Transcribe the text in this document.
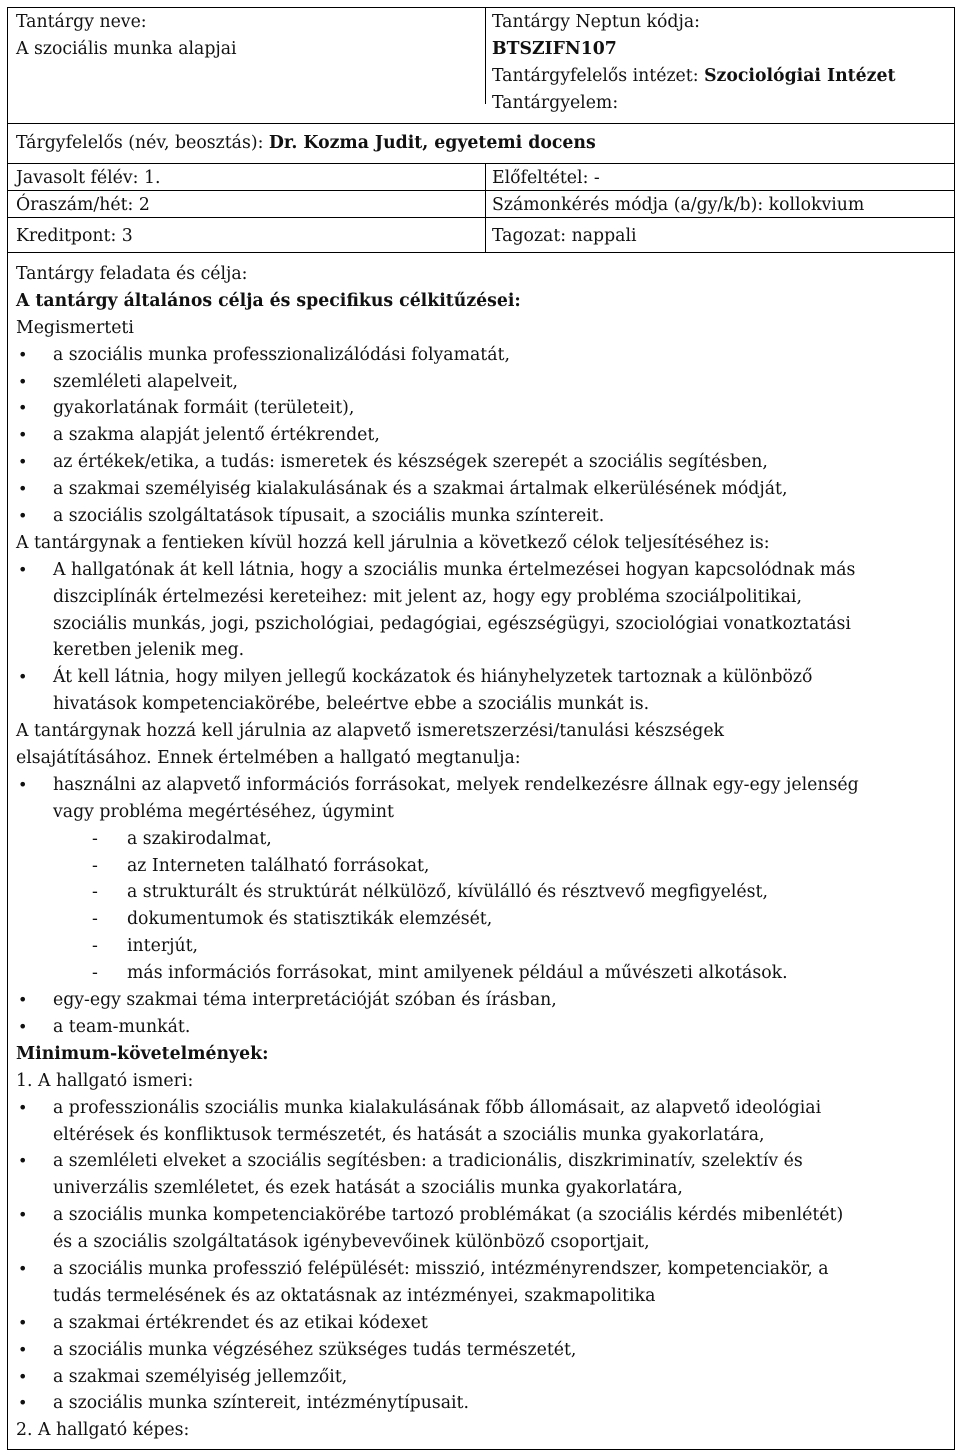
Tantárgy neve:
A szociális munka alapjai
Tantárgy Neptun kódja:
BTSZIFN107
Tantárgyfelelős intézet: Szociológiai Intézet
Tantárgyelem:
Tárgyfelelős (név, beosztás): Dr. Kozma Judit, egyetemi docens
Javasolt félév: 1.	Előfeltétel: -
Óraszám/hét: 2	Számonkérés módja (a/gy/k/b): kollokvium
Kreditpont: 3	Tagozat: nappali
Tantárgy feladata és célja:
A tantárgy általános célja és specifikus célkitűzései:
Megismerteti
• a szociális munka professzionalizálódási folyamatát,
• szemléleti alapelveit,
• gyakorlatának formáit (területeit),
• a szakma alapját jelentő értékrendet,
• az értékek/etika, a tudás: ismeretek és készségek szerepét a szociális segítésben,
• a szakmai személyiség kialakulásának és a szakmai ártalmak elkerülésének módját,
• a szociális szolgáltatások típusait, a szociális munka színtereit.
A tantárgynak a fentieken kívül hozzá kell járulnia a következő célok teljesítéséhez is:
• A hallgatónak át kell látnia, hogy a szociális munka értelmezései hogyan kapcsolódnak más
diszciplínák értelmezési kereteihez: mit jelent az, hogy egy probléma szociálpolitikai,
szociális munkás, jogi, pszichológiai, pedagógiai, egészségügyi, szociológiai vonatkoztatási
keretben jelenik meg.
• Át kell látnia, hogy milyen jellegű kockázatok és hiányhelyzetek tartoznak a különböző
hivatások kompetenciakörébe, beleértve ebbe a szociális munkát is.
A tantárgynak hozzá kell járulnia az alapvető ismeretszerzési/tanulási készségek
elsajátításához. Ennek értelmében a hallgató megtanulja:
• használni az alapvető információs forrásokat, melyek rendelkezésre állnak egy-egy jelenség
vagy probléma megértéséhez, úgymint
- a szakirodalmat,
- az Interneten található forrásokat,
- a strukturált és struktúrát nélkülöző, kívülálló és résztvevő megfigyelést,
- dokumentumok és statisztikák elemzését,
- interjút,
- más információs forrásokat, mint amilyenek például a művészeti alkotások.
• egy-egy szakmai téma interpretációját szóban és írásban,
• a team-munkát.
Minimum-követelmények:
1. A hallgató ismeri:
• a professzionális szociális munka kialakulásának főbb állomásait, az alapvető ideológiai
eltérések és konfliktusok természetét, és hatását a szociális munka gyakorlatára,
• a szemléleti elveket a szociális segítésben: a tradicionális, diszkriminatív, szelektív és
univerzális szemléletet, és ezek hatását a szociális munka gyakorlatára,
• a szociális munka kompetenciakörébe tartozó problémákat (a szociális kérdés mibenlétét)
és a szociális szolgáltatások igénybevevőinek különböző csoportjait,
• a szociális munka professzió felépülését: misszió, intézményrendszer, kompetenciakör, a
tudás termelésének és az oktatásnak az intézményei, szakmapolitika
• a szakmai értékrendet és az etikai kódexet
• a szociális munka végzéséhez szükséges tudás természetét,
• a szakmai személyiség jellemzőit,
• a szociális munka színtereit, intézménytípusait.
2. A hallgató képes:
